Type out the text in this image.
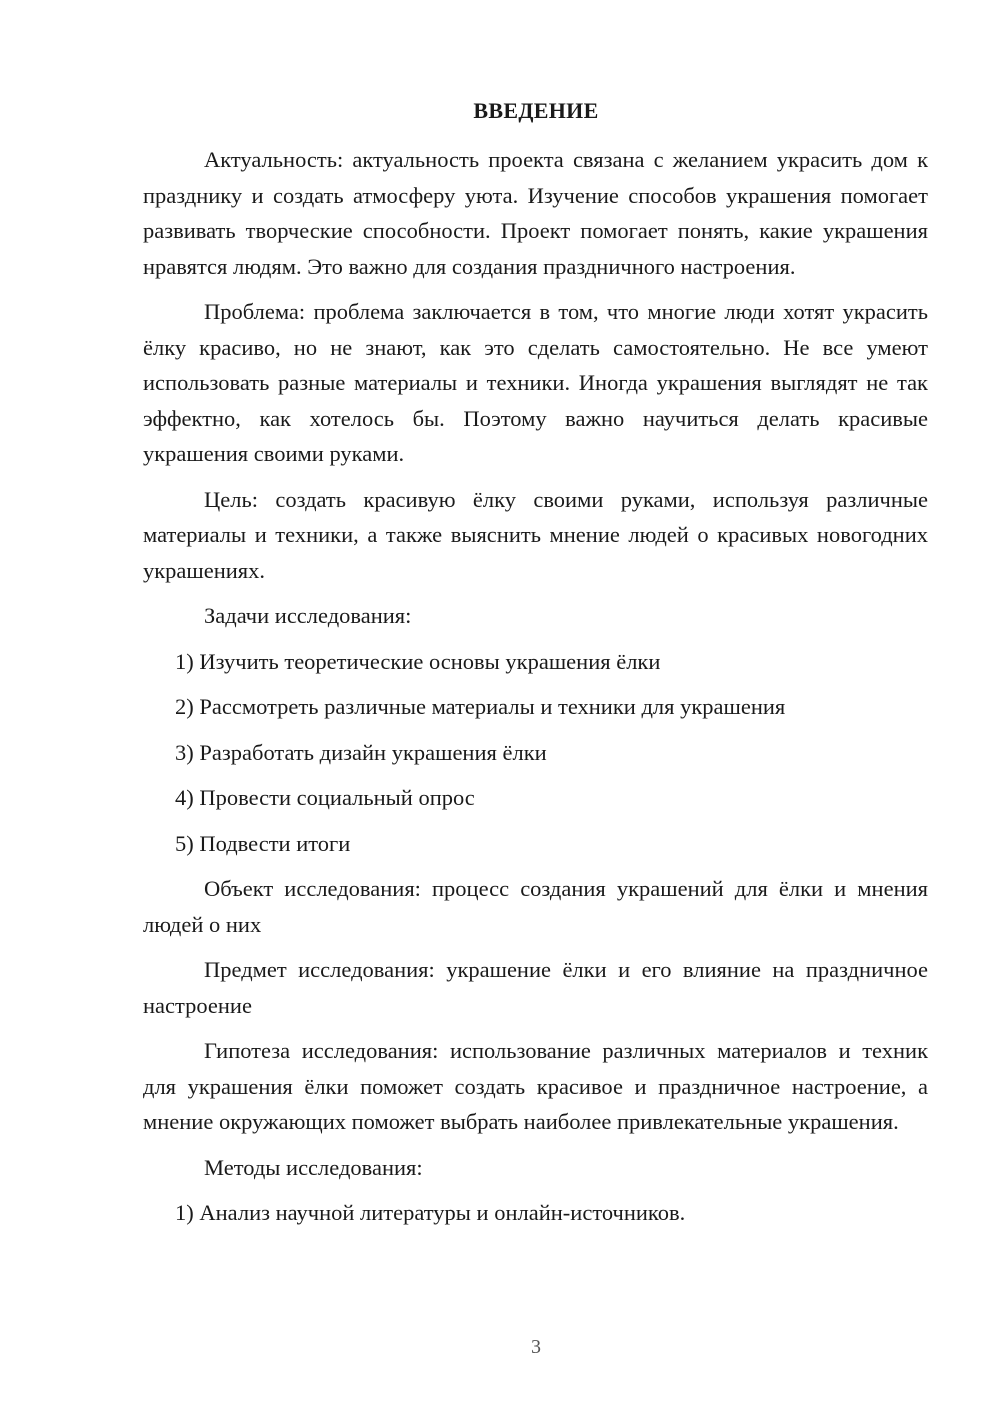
ВВЕДЕНИЕ

Актуальность: актуальность проекта связана с желанием украсить дом к празднику и создать атмосферу уюта. Изучение способов украшения помогает развивать творческие способности. Проект помогает понять, какие украшения нравятся людям. Это важно для создания праздничного настроения.

Проблема: проблема заключается в том, что многие люди хотят украсить ёлку красиво, но не знают, как это сделать самостоятельно. Не все умеют использовать разные материалы и техники. Иногда украшения выглядят не так эффектно, как хотелось бы. Поэтому важно научиться делать красивые украшения своими руками.

Цель: создать красивую ёлку своими руками, используя различные материалы и техники, а также выяснить мнение людей о красивых новогодних украшениях.

Задачи исследования:

1) Изучить теоретические основы украшения ёлки

2) Рассмотреть различные материалы и техники для украшения

3) Разработать дизайн украшения ёлки

4) Провести социальный опрос

5) Подвести итоги

Объект исследования: процесс создания украшений для ёлки и мнения людей о них

Предмет исследования: украшение ёлки и его влияние на праздничное настроение

Гипотеза исследования: использование различных материалов и техник для украшения ёлки поможет создать красивое и праздничное настроение, а мнение окружающих поможет выбрать наиболее привлекательные украшения.

Методы исследования:

1) Анализ научной литературы и онлайн-источников.

3
